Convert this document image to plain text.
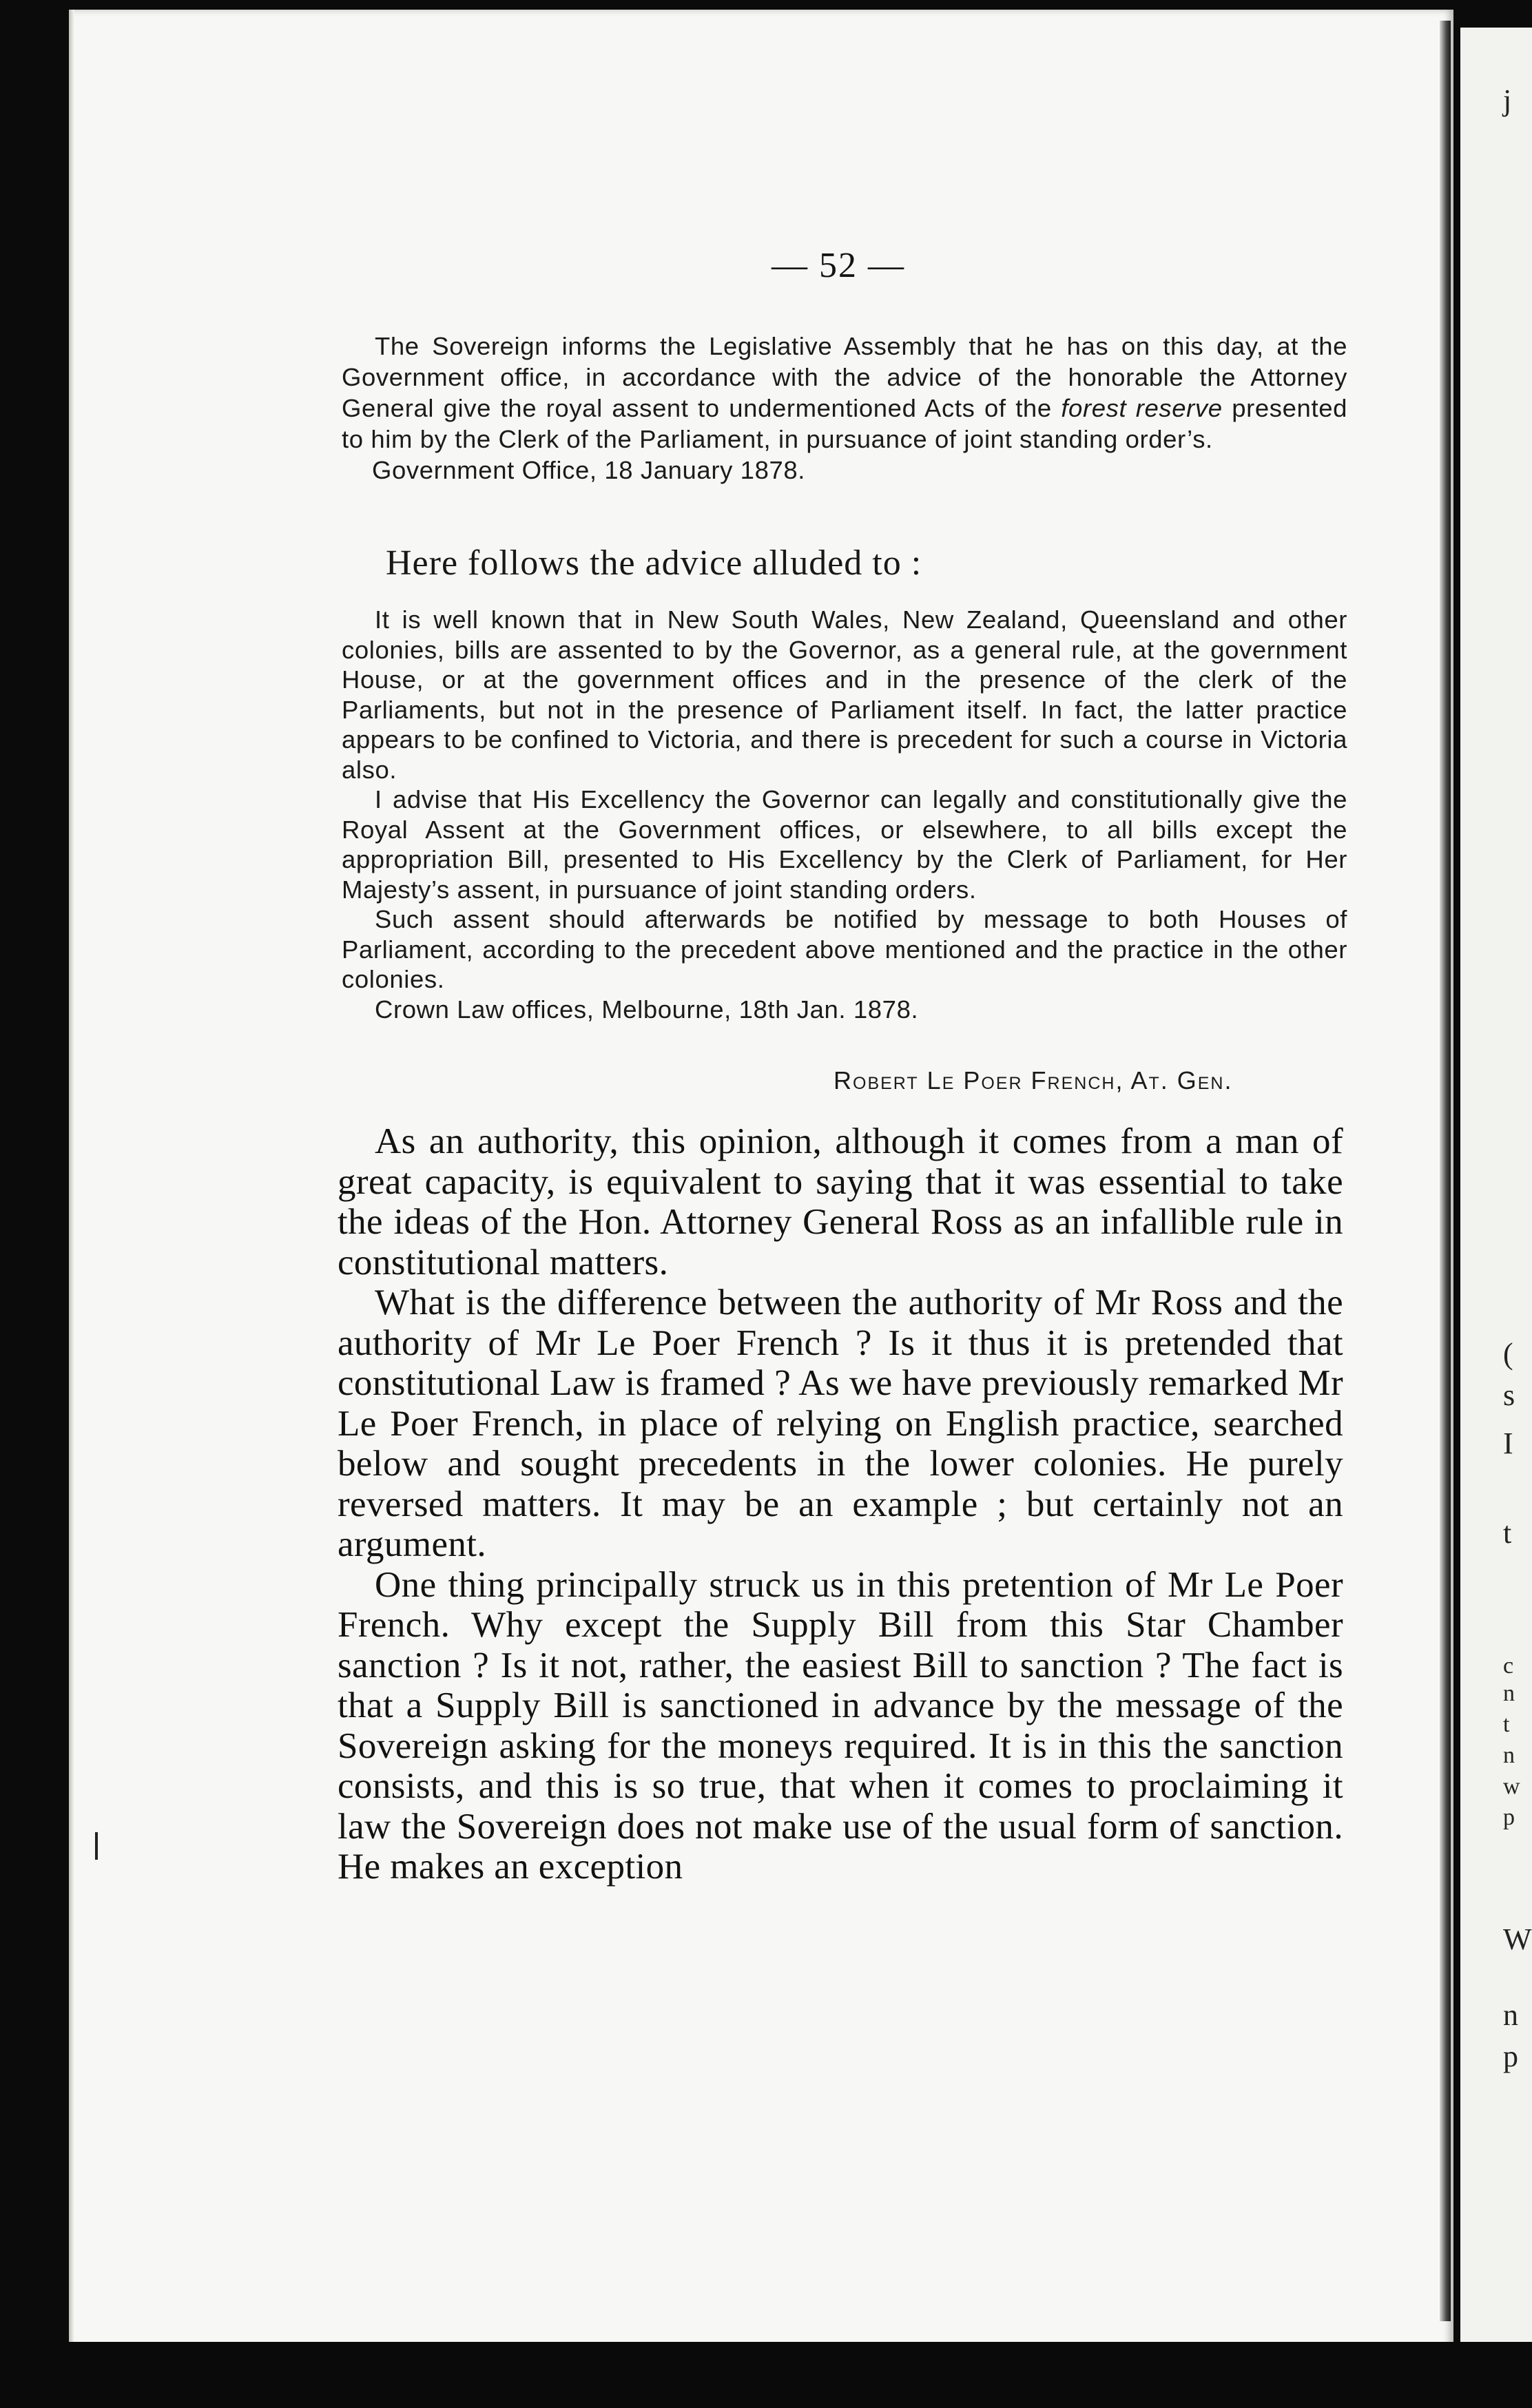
j
(
s
I
t
c
n
t
n
w
p
W
n
p
— 52 —

The Sovereign informs the Legislative Assembly that he has on this day, at the Government office, in accordance with the advice of the honorable the Attorney General give the royal assent to undermentioned Acts of the forest reserve presented to him by the Clerk of the Parliament, in pursuance of joint standing order’s.

Government Office, 18 January 1878.

Here follows the advice alluded to :

It is well known that in New South Wales, New Zealand, Queensland and other colonies, bills are assented to by the Governor, as a general rule, at the government House, or at the government offices and in the presence of the clerk of the Parliaments, but not in the presence of Parliament itself. In fact, the latter practice appears to be confined to Victoria, and there is precedent for such a course in Victoria also.

I advise that His Excellency the Governor can legally and constitutionally give the Royal Assent at the Government offices, or elsewhere, to all bills except the appropriation Bill, presented to His Excellency by the Clerk of Parliament, for Her Majesty’s assent, in pursuance of joint standing orders.

Such assent should afterwards be notified by message to both Houses of Parliament, according to the precedent above mentioned and the practice in the other colonies.

Crown Law offices, Melbourne, 18th Jan. 1878.

Robert Le Poer French, At. Gen.

As an authority, this opinion, although it comes from a man of great capacity, is equivalent to saying that it was essential to take the ideas of the Hon. Attorney General Ross as an infallible rule in constitutional matters.

What is the difference between the authority of Mr Ross and the authority of Mr Le Poer French ? Is it thus it is pretended that constitutional Law is framed ? As we have previously remarked Mr Le Poer French, in place of relying on English practice, searched below and sought precedents in the lower colonies. He purely reversed matters. It may be an example ; but certainly not an argument.

One thing principally struck us in this pretention of Mr Le Poer French. Why except the Supply Bill from this Star Chamber sanction ? Is it not, rather, the easiest Bill to sanction ? The fact is that a Supply Bill is sanctioned in advance by the message of the Sovereign asking for the moneys required. It is in this the sanction consists, and this is so true, that when it comes to proclaiming it law the Sovereign does not make use of the usual form of sanction. He makes an exception
